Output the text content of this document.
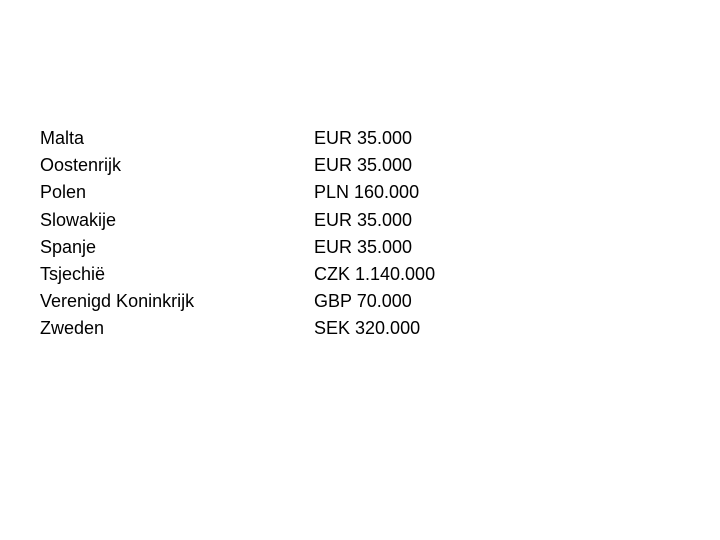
Malta	EUR 35.000
Oostenrijk	EUR 35.000
Polen	PLN 160.000
Slowakije	EUR 35.000
Spanje	EUR 35.000
Tsjechië	CZK 1.140.000
Verenigd Koninkrijk	GBP 70.000
Zweden	SEK 320.000
